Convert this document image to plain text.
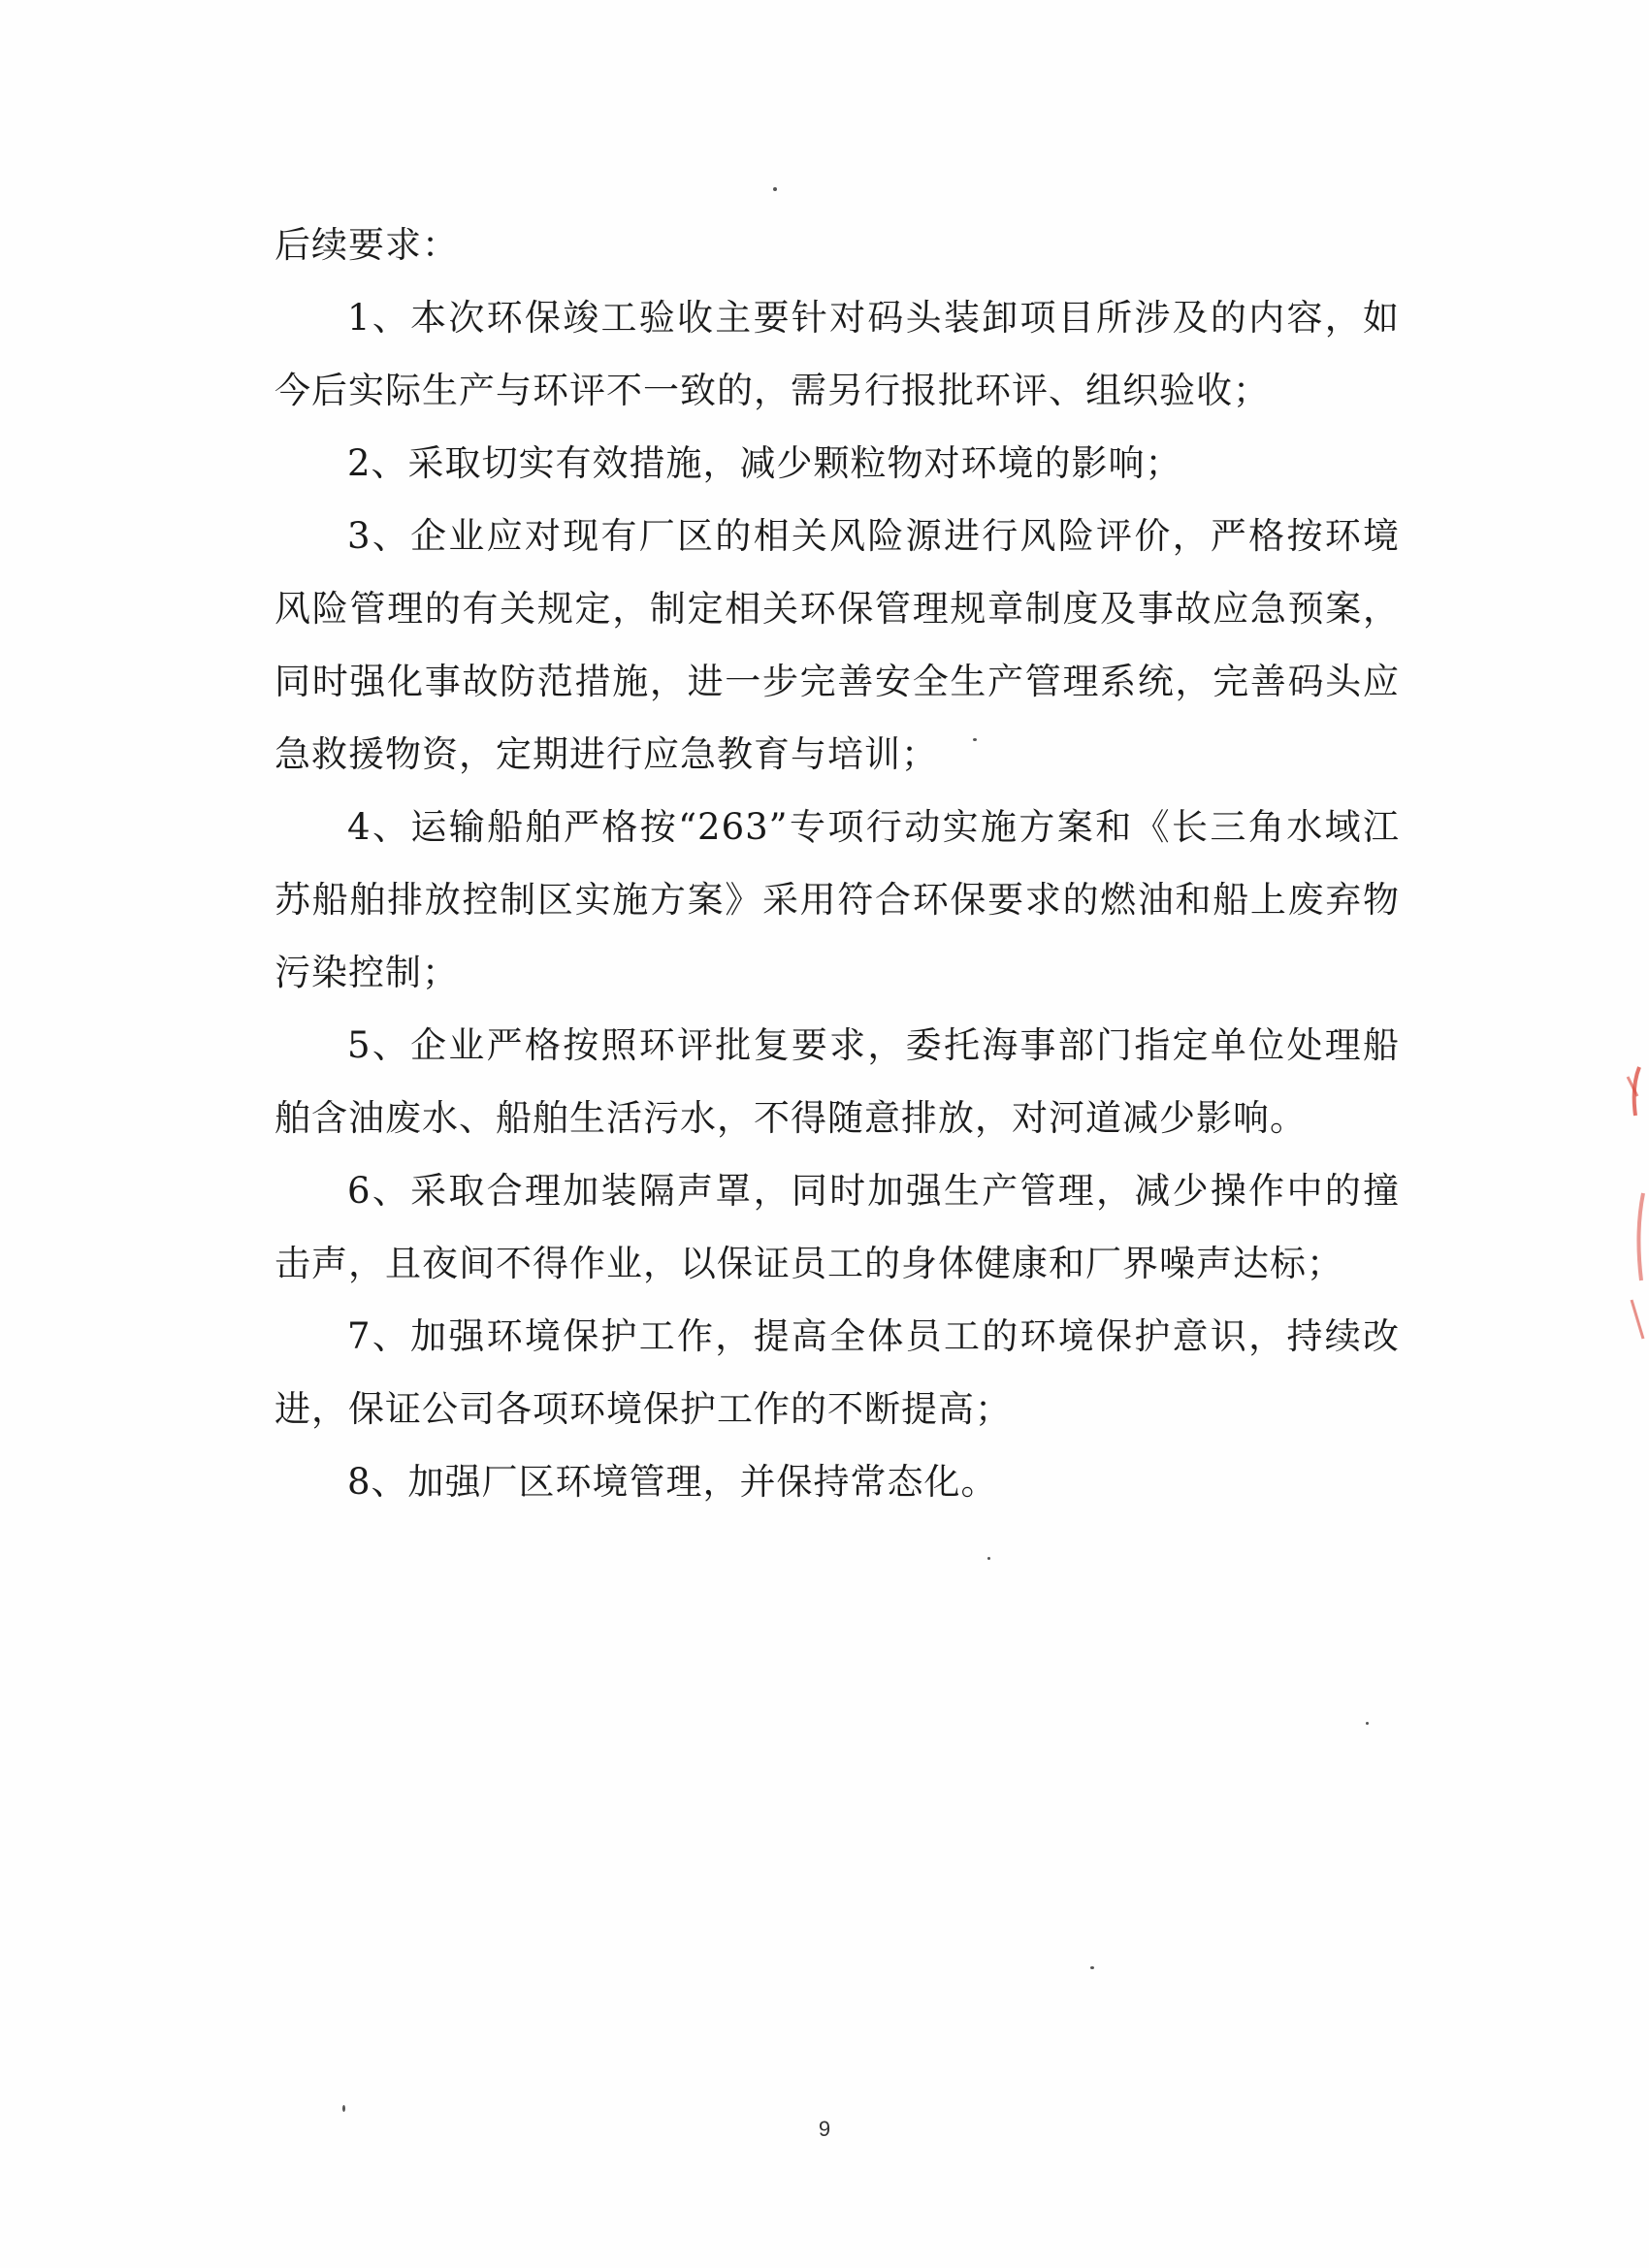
后续要求：

1、本次环保竣工验收主要针对码头装卸项目所涉及的内容，如今后实际生产与环评不一致的，需另行报批环评、组织验收；

2、采取切实有效措施，减少颗粒物对环境的影响；

3、企业应对现有厂区的相关风险源进行风险评价，严格按环境风险管理的有关规定，制定相关环保管理规章制度及事故应急预案，同时强化事故防范措施，进一步完善安全生产管理系统，完善码头应急救援物资，定期进行应急教育与培训；

4、运输船舶严格按“263”专项行动实施方案和《长三角水域江苏船舶排放控制区实施方案》采用符合环保要求的燃油和船上废弃物污染控制；

5、企业严格按照环评批复要求，委托海事部门指定单位处理船舶含油废水、船舶生活污水，不得随意排放，对河道减少影响。

6、采取合理加装隔声罩，同时加强生产管理，减少操作中的撞击声，且夜间不得作业，以保证员工的身体健康和厂界噪声达标；

7、加强环境保护工作，提高全体员工的环境保护意识，持续改进，保证公司各项环境保护工作的不断提高；

8、加强厂区环境管理，并保持常态化。

9
